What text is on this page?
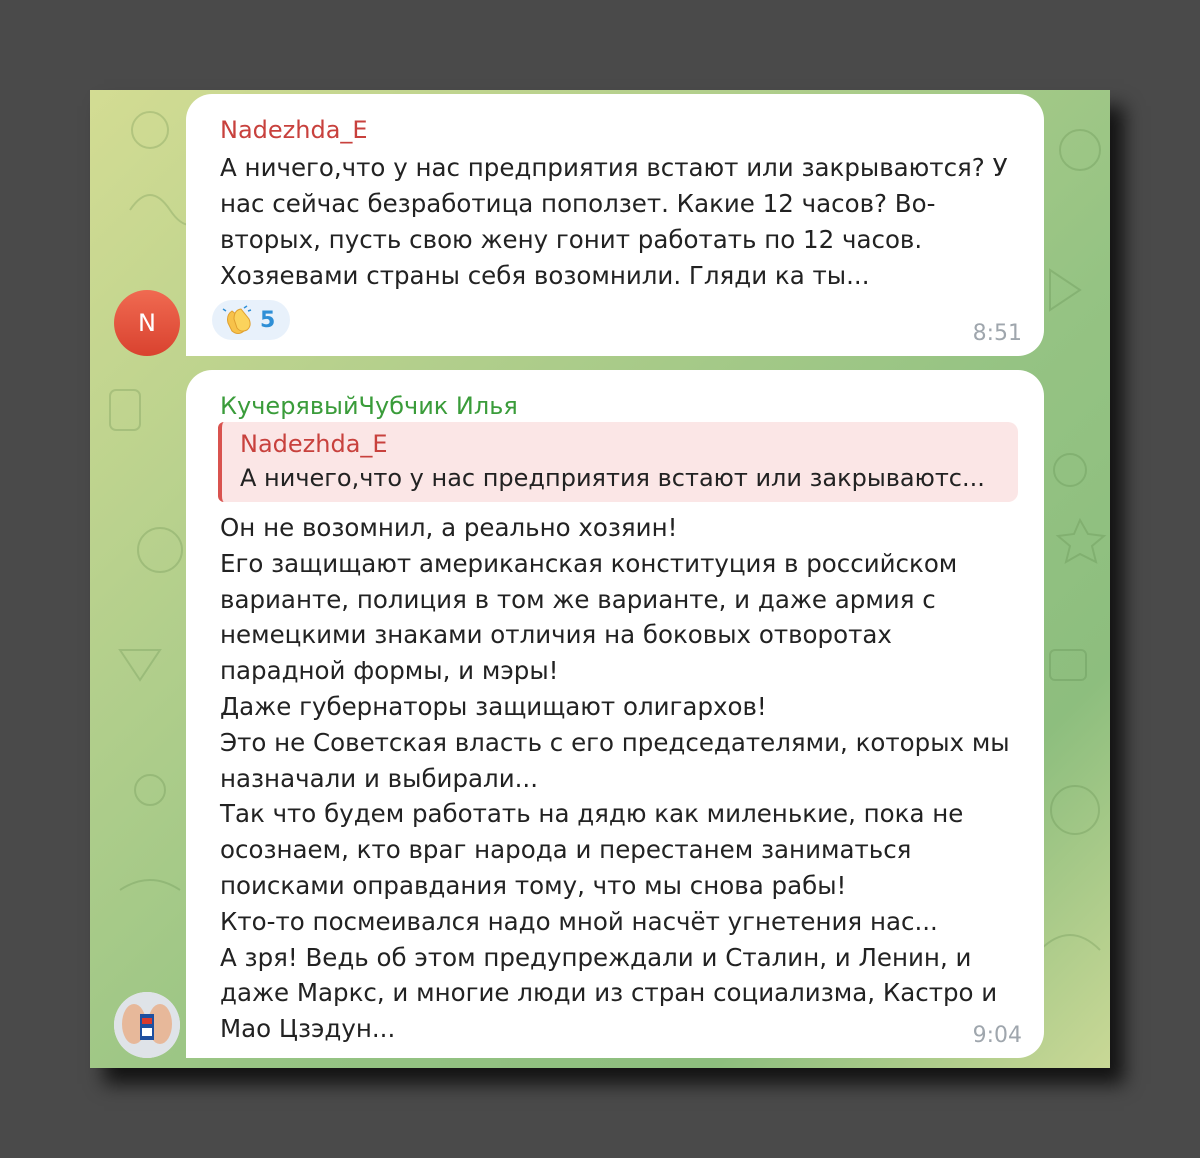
N
Nadezhda_E
А ничего,что у нас предприятия встают или закрываются? У
нас сейчас безработица поползет. Какие 12 часов? Во-
вторых, пусть свою жену гонит работать по 12 часов.
Хозяевами страны себя возомнили. Гляди ка ты...
5
8:51
КучерявыйЧубчик Илья
Nadezhda_E
А ничего,что у нас предприятия встают или закрываютс...
Он не возомнил, а реально хозяин!
Его защищают американская конституция в российском
варианте, полиция в том же варианте, и даже армия с
немецкими знаками отличия на боковых отворотах
парадной формы, и мэры!
Даже губернаторы защищают олигархов!
Это не Советская власть с его председателями, которых мы
назначали и выбирали...
Так что будем работать на дядю как миленькие, пока не
осознаем, кто враг народа и перестанем заниматься
поисками оправдания тому, что мы снова рабы!
Кто-то посмеивался надо мной насчёт угнетения нас...
А зря! Ведь об этом предупреждали и Сталин, и Ленин, и
даже Маркс, и многие люди из стран социализма, Кастро и
Мао Цзэдун...	9:04
